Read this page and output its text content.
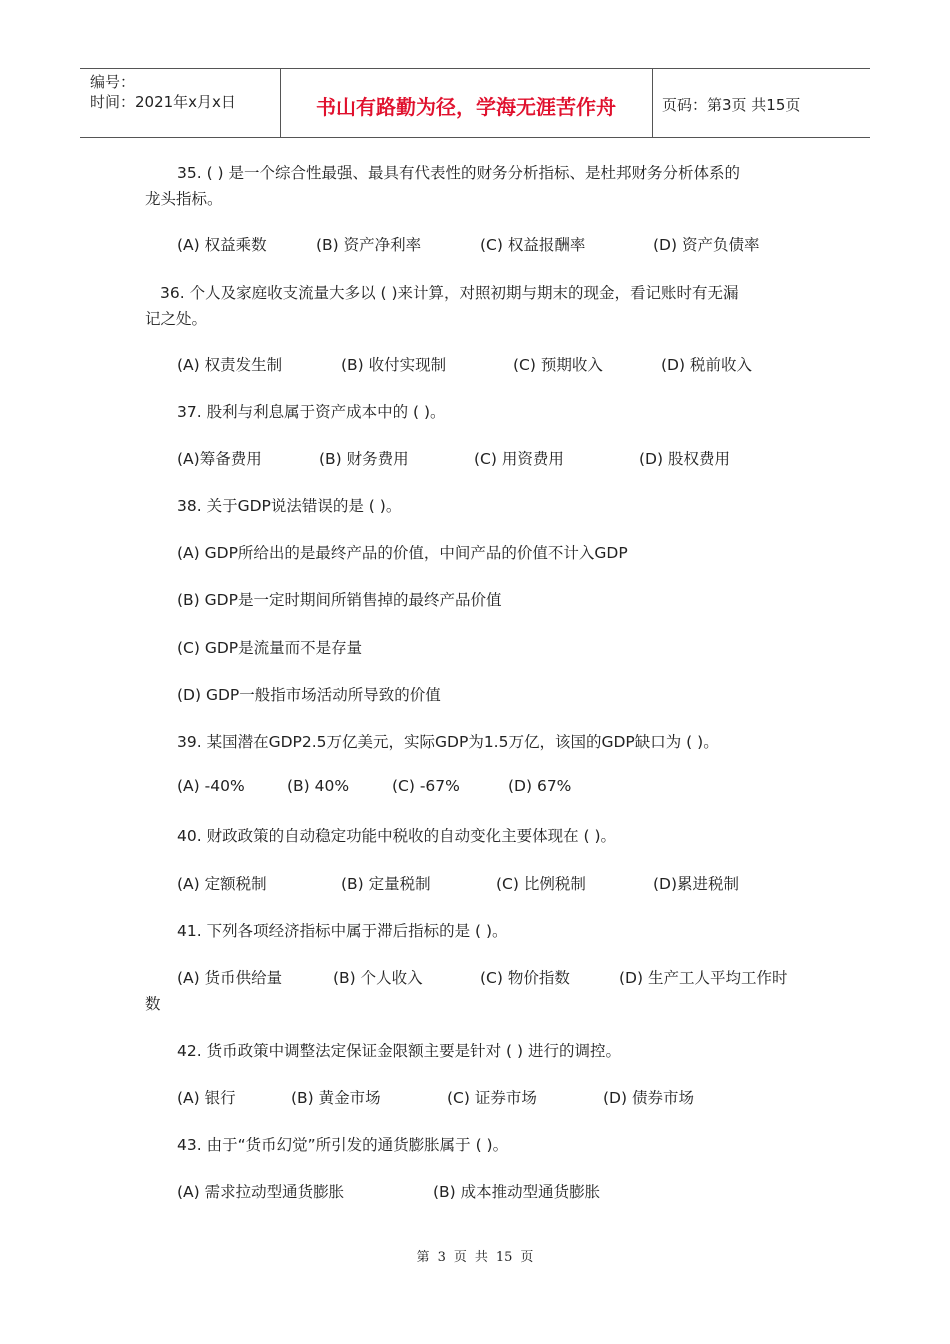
编号：
时间：2021年x月x日	书山有路勤为径，学海无涯苦作舟	页码：第3页 共15页
35. ( ) 是一个综合性最强、最具有代表性的财务分析指标、是杜邦财务分析体系的
龙头指标。
(A) 权益乘数	(B) 资产净利率	(C) 权益报酬率	(D) 资产负债率
36. 个人及家庭收支流量大多以 ( )来计算，对照初期与期末的现金，看记账时有无漏
记之处。
(A) 权责发生制	(B) 收付实现制	(C) 预期收入	(D) 税前收入
37. 股利与利息属于资产成本中的 ( )。
(A)筹备费用	(B) 财务费用	(C) 用资费用	(D) 股权费用
38. 关于GDP说法错误的是 ( )。
(A) GDP所给出的是最终产品的价值，中间产品的价值不计入GDP
(B) GDP是一定时期间所销售掉的最终产品价值
(C) GDP是流量而不是存量
(D) GDP一般指市场活动所导致的价值
39. 某国潜在GDP2.5万亿美元，实际GDP为1.5万亿，该国的GDP缺口为 ( )。
(A) -40%	(B) 40%	(C) -67%	(D) 67%
40. 财政政策的自动稳定功能中税收的自动变化主要体现在 ( )。
(A) 定额税制	(B) 定量税制	(C) 比例税制	(D)累进税制
41. 下列各项经济指标中属于滞后指标的是 ( )。
(A) 货币供给量	(B) 个人收入	(C) 物价指数	(D) 生产工人平均工作时
数
42. 货币政策中调整法定保证金限额主要是针对 ( ) 进行的调控。
(A) 银行	(B) 黄金市场	(C) 证券市场	(D) 债券市场
43. 由于“货币幻觉”所引发的通货膨胀属于 ( )。
(A) 需求拉动型通货膨胀	(B) 成本推动型通货膨胀
第 3 页 共 15 页
